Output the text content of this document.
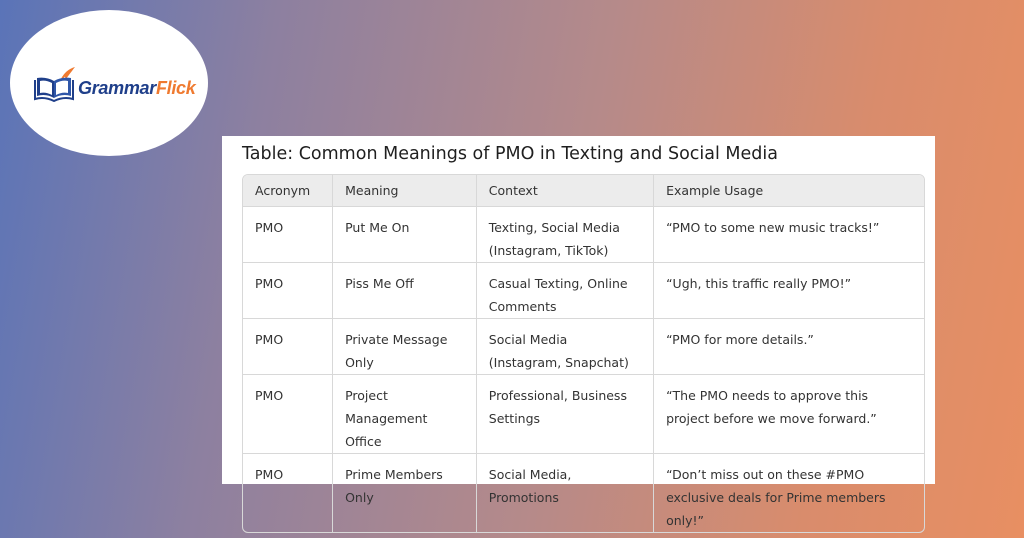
GrammarFlick
Table: Common Meanings of PMO in Texting and Social Media
Acronym	Meaning	Context	Example Usage
PMO	Put Me On	Texting, Social Media (Instagram, TikTok)	“PMO to some new music tracks!”
PMO	Piss Me Off	Casual Texting, Online Comments	“Ugh, this traffic really PMO!”
PMO	Private Message Only	Social Media (Instagram, Snapchat)	“PMO for more details.”
PMO	Project Management Office	Professional, Business Settings	“The PMO needs to approve this project before we move forward.”
PMO	Prime Members Only	Social Media, Promotions	“Don’t miss out on these #PMO exclusive deals for Prime members only!”
